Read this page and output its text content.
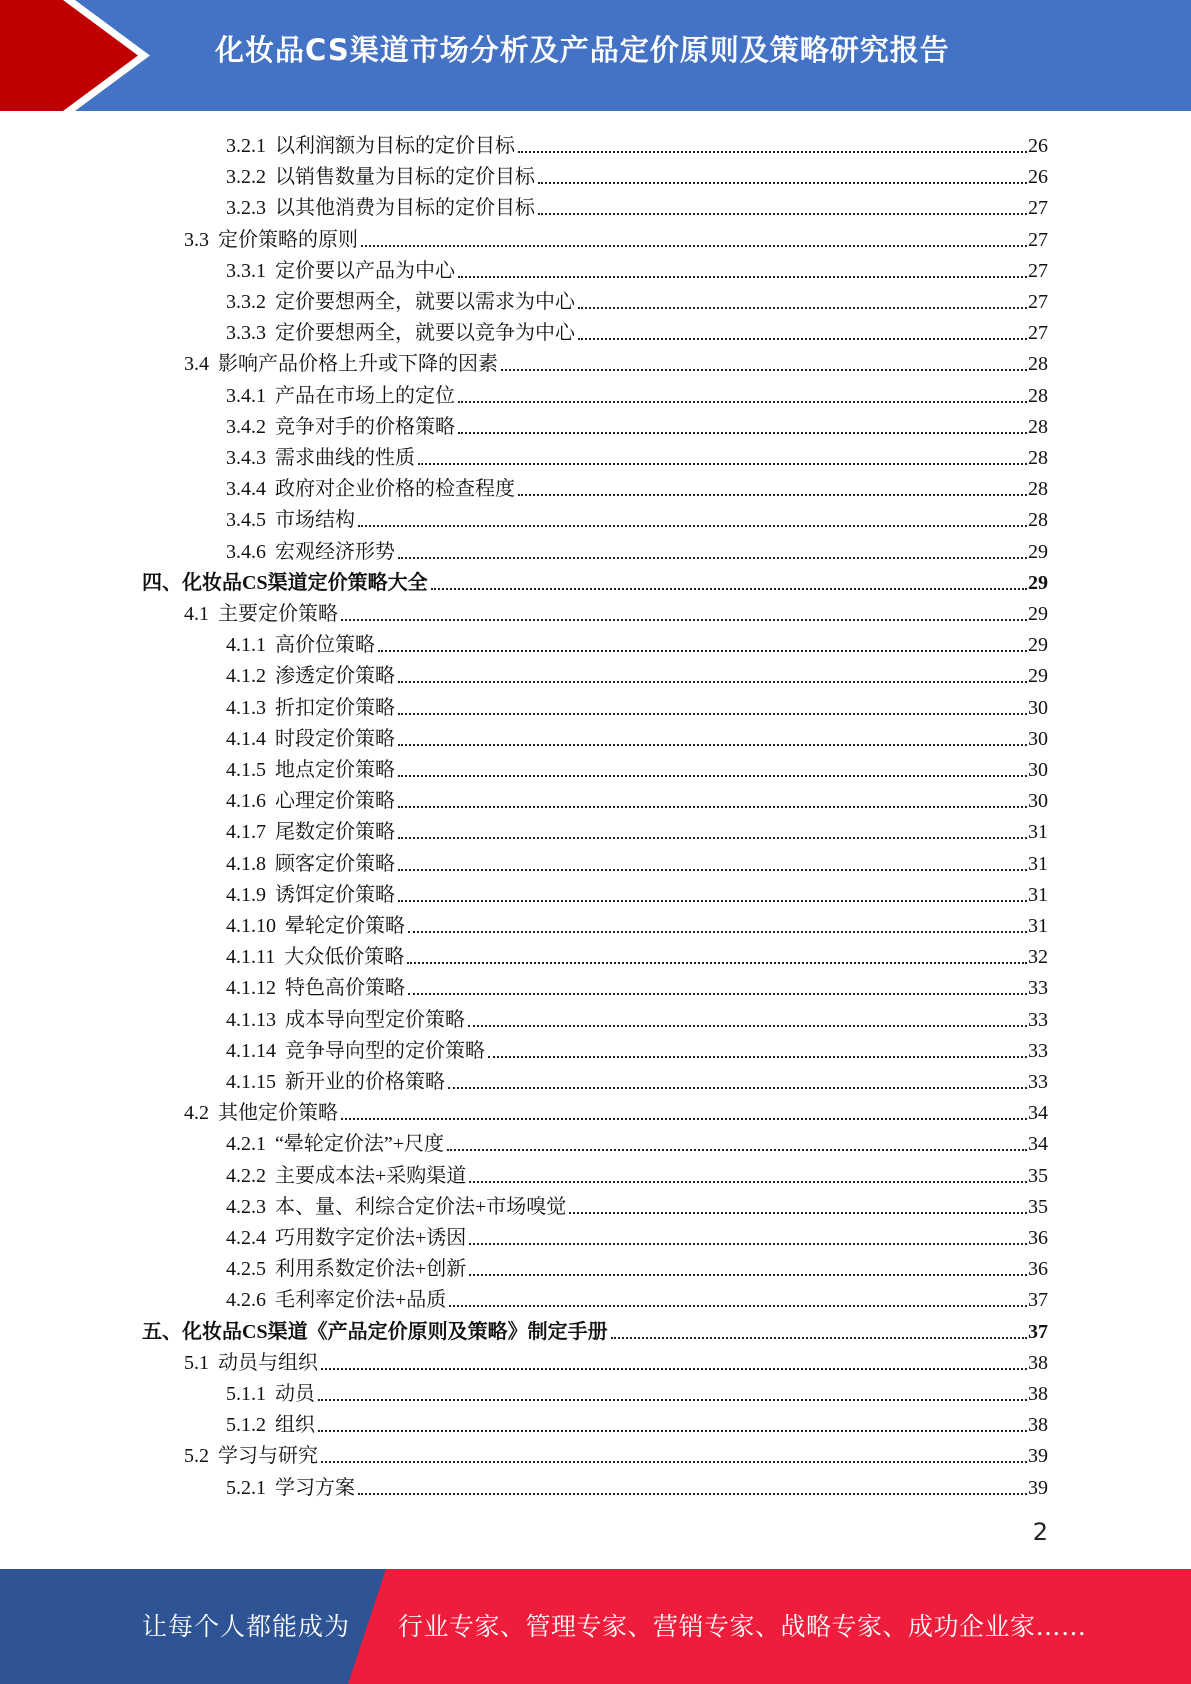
化妆品CS渠道市场分析及产品定价原则及策略研究报告
3.2.1 以利润额为目标的定价目标	26
3.2.2 以销售数量为目标的定价目标	26
3.2.3 以其他消费为目标的定价目标	27
3.3 定价策略的原则	27
3.3.1 定价要以产品为中心	27
3.3.2 定价要想两全，就要以需求为中心	27
3.3.3 定价要想两全，就要以竞争为中心	27
3.4 影响产品价格上升或下降的因素	28
3.4.1 产品在市场上的定位	28
3.4.2 竞争对手的价格策略	28
3.4.3 需求曲线的性质	28
3.4.4 政府对企业价格的检查程度	28
3.4.5 市场结构	28
3.4.6 宏观经济形势	29
四、化妆品CS渠道定价策略大全	29
4.1 主要定价策略	29
4.1.1 高价位策略	29
4.1.2 渗透定价策略	29
4.1.3 折扣定价策略	30
4.1.4 时段定价策略	30
4.1.5 地点定价策略	30
4.1.6 心理定价策略	30
4.1.7 尾数定价策略	31
4.1.8 顾客定价策略	31
4.1.9 诱饵定价策略	31
4.1.10 晕轮定价策略	31
4.1.11 大众低价策略	32
4.1.12 特色高价策略	33
4.1.13 成本导向型定价策略	33
4.1.14 竞争导向型的定价策略	33
4.1.15 新开业的价格策略	33
4.2 其他定价策略	34
4.2.1 “晕轮定价法”+尺度	34
4.2.2 主要成本法+采购渠道	35
4.2.3 本、量、利综合定价法+市场嗅觉	35
4.2.4 巧用数字定价法+诱因	36
4.2.5 利用系数定价法+创新	36
4.2.6 毛利率定价法+品质	37
五、化妆品CS渠道《产品定价原则及策略》制定手册	37
5.1 动员与组织	38
5.1.1 动员	38
5.1.2 组织	38
5.2 学习与研究	39
5.2.1 学习方案	39
2
让每个人都能成为 行业专家、管理专家、营销专家、战略专家、成功企业家……
